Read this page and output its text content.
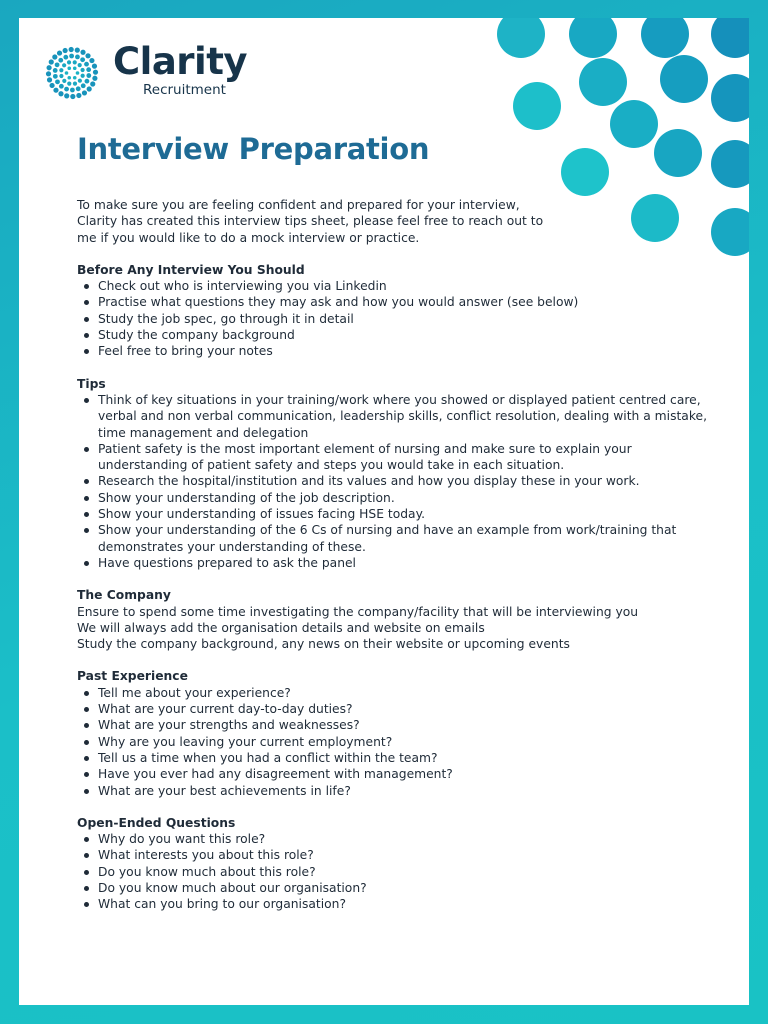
Clarity
Recruitment
Interview Preparation

To make sure you are feeling confident and prepared for your interview, Clarity has created this interview tips sheet, please feel free to reach out to me if you would like to do a mock interview or practice.

Before Any Interview You Should

Check out who is interviewing you via Linkedin
Practise what questions they may ask and how you would answer (see below)
Study the job spec, go through it in detail
Study the company background
Feel free to bring your notes

Tips

Think of key situations in your training/work where you showed or displayed patient centred care, verbal and non verbal communication, leadership skills, conflict resolution, dealing with a mistake, time management and delegation
Patient safety is the most important element of nursing and make sure to explain your understanding of patient safety and steps you would take in each situation.
Research the hospital/institution and its values and how you display these in your work.
Show your understanding of the job description.
Show your understanding of issues facing HSE today.
Show your understanding of the 6 Cs of nursing and have an example from work/training that demonstrates your understanding of these.
Have questions prepared to ask the panel

The Company

Ensure to spend some time investigating the company/facility that will be interviewing you

We will always add the organisation details and website on emails

Study the company background, any news on their website or upcoming events

Past Experience

Tell me about your experience?
What are your current day-to-day duties?
What are your strengths and weaknesses?
Why are you leaving your current employment?
Tell us a time when you had a conflict within the team?
Have you ever had any disagreement with management?
What are your best achievements in life?

Open-Ended Questions

Why do you want this role?
What interests you about this role?
Do you know much about this role?
Do you know much about our organisation?
What can you bring to our organisation?
